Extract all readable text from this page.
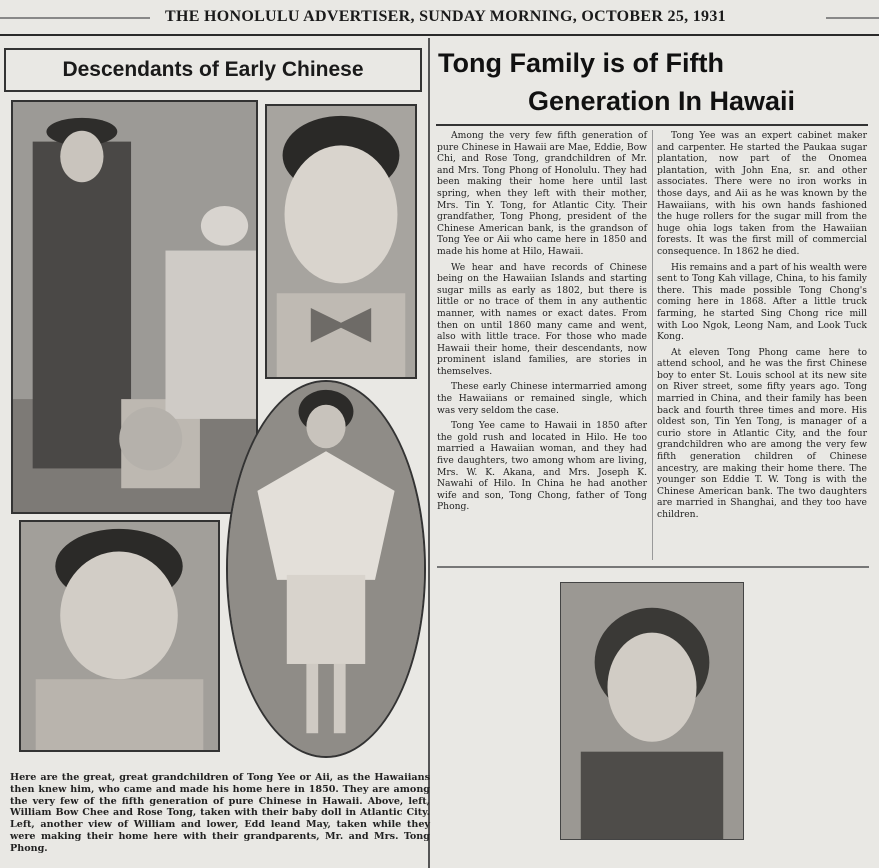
THE HONOLULU ADVERTISER, SUNDAY MORNING, OCTOBER 25, 1931
Descendants of Early Chinese	Tong Family is of Fifth
Generation In Hawaii

Among the very few fifth generation of pure Chinese in Hawaii are Mae, Eddie, Bow Chi, and Rose Tong, grandchildren of Mr. and Mrs. Tong Phong of Honolulu. They had been making their home here until last spring, when they left with their mother, Mrs. Tin Y. Tong, for Atlantic City. Their grandfather, Tong Phong, president of the Chinese American bank, is the grandson of Tong Yee or Aii who came here in 1850 and made his home at Hilo, Hawaii.

We hear and have records of Chinese being on the Hawaiian Islands and starting sugar mills as early as 1802, but there is little or no trace of them in any authentic manner, with names or exact dates. From then on until 1860 many came and went, also with little trace. For those who made Hawaii their home, their descendants, now prominent island families, are stories in themselves.

These early Chinese intermarried among the Hawaiians or remained single, which was very seldom the case.

Tong Yee came to Hawaii in 1850 after the gold rush and located in Hilo. He too married a Hawaiian woman, and they had five daughters, two among whom are living, Mrs. W. K. Akana, and Mrs. Joseph K. Nawahi of Hilo. In China he had another wife and son, Tong Chong, father of Tong Phong.

Tong Yee was an expert cabinet maker and carpenter. He started the Paukaa sugar plantation, now part of the Onomea plantation, with John Ena, sr. and other associates. There were no iron works in those days, and Aii as he was known by the Hawaiians, with his own hands fashioned the huge rollers for the sugar mill from the huge ohia logs taken from the Hawaiian forests. It was the first mill of commercial consequence. In 1862 he died.

His remains and a part of his wealth were sent to Tong Kah village, China, to his family there. This made possible Tong Chong's coming here in 1868. After a little truck farming, he started Sing Chong rice mill with Loo Ngok, Leong Nam, and Look Tuck Kong.

At eleven Tong Phong came here to attend school, and he was the first Chinese boy to enter St. Louis school at its new site on River street, some fifty years ago. Tong married in China, and their family has been back and fourth three times and more. His oldest son, Tin Yen Tong, is manager of a curio store in Atlantic City, and the four grandchildren who are among the very few fifth generation children of Chinese ancestry, are making their home there. The younger son Eddie T. W. Tong is with the Chinese American bank. The two daughters are married in Shanghai, and they too have children.

Here are the great, great grandchildren of Tong Yee or Aii, as the Hawaiians then knew him, who came and made his home here in 1850. They are among the very few of the fifth generation of pure Chinese in Hawaii. Above, left, William Bow Chee and Rose Tong, taken with their baby doll in Atlantic City. Left, another view of William and lower, Edd leand May, taken while they were making their home here with their grandparents, Mr. and Mrs. Tong Phong.
